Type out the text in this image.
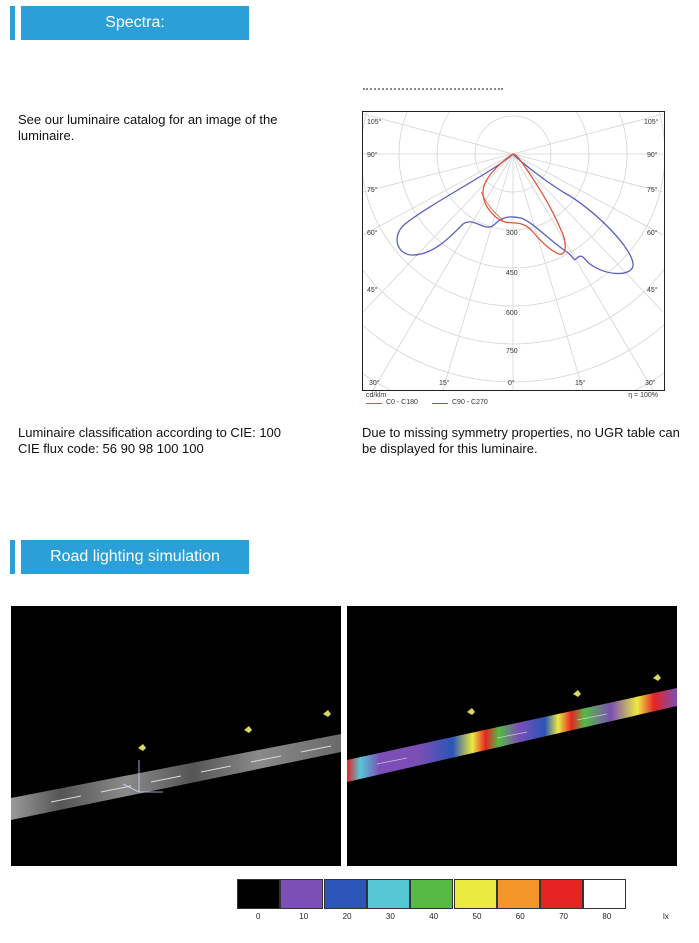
Spectra:
See our luminaire catalog for an image of the luminaire.
105°
90°
75°
60°
45°
105°
90°
75°
60°
45°
300
450
600
750
30°	15°	0°	15°	30°
cd/klm	η = 100%
C0 - C180	C90 - C270
Luminaire classification according to CIE: 100
CIE flux code: 56 90 98 100 100
Due to missing symmetry properties, no UGR table can be displayed for this luminaire.
Road lighting simulation
lx
0	10	20	30	40	50	60	70	80
